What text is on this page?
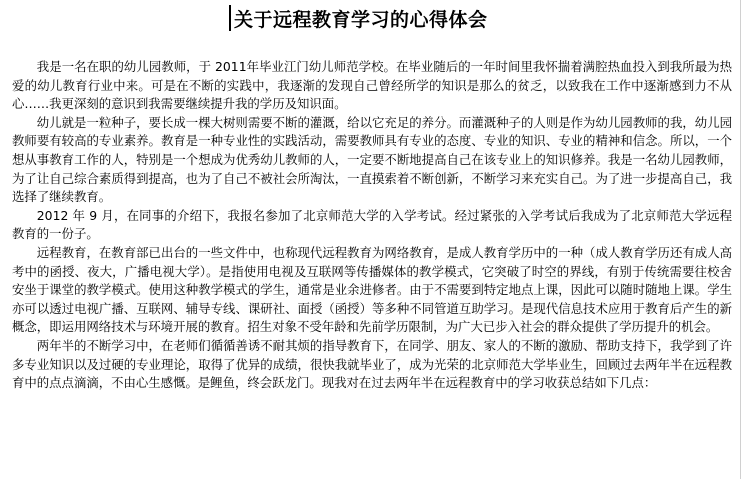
关于远程教育学习的心得体会

我是一名在职的幼儿园教师，于 2011年毕业江门幼儿师范学校。在毕业随后的一年时间里我怀揣着满腔热血投入到我所最为热爱的幼儿教育行业中来。可是在不断的实践中，我逐渐的发现自己曾经所学的知识是那么的贫乏，以致我在工作中逐渐感到力不从心……我更深刻的意识到我需要继续提升我的学历及知识面。

幼儿就是一粒种子，要长成一棵大树则需要不断的灌溉，给以它充足的养分。而灌溉种子的人则是作为幼儿园教师的我，幼儿园教师要有较高的专业素养。教育是一种专业性的实践活动，需要教师具有专业的态度、专业的知识、专业的精神和信念。所以，一个想从事教育工作的人，特别是一个想成为优秀幼儿教师的人，一定要不断地提高自己在该专业上的知识修养。我是一名幼儿园教师，为了让自己综合素质得到提高，也为了自己不被社会所淘汰，一直摸索着不断创新，不断学习来充实自己。为了进一步提高自己，我选择了继续教育。

2012 年 9 月，在同事的介绍下，我报名参加了北京师范大学的入学考试。经过紧张的入学考试后我成为了北京师范大学远程教育的一份子。

远程教育，在教育部已出台的一些文件中，也称现代远程教育为网络教育，是成人教育学历中的一种（成人教育学历还有成人高考中的函授、夜大，广播电视大学）。是指使用电视及互联网等传播媒体的教学模式，它突破了时空的界线，有别于传统需要往校舍安坐于课堂的教学模式。使用这种教学模式的学生，通常是业余进修者。由于不需要到特定地点上课，因此可以随时随地上课。学生亦可以透过电视广播、互联网、辅导专线、课研社、面授（函授）等多种不同管道互助学习。是现代信息技术应用于教育后产生的新概念，即运用网络技术与环境开展的教育。招生对象不受年龄和先前学历限制，为广大已步入社会的群众提供了学历提升的机会。

两年半的不断学习中，在老师们循循善诱不耐其烦的指导教育下，在同学、朋友、家人的不断的激励、帮助支持下，我学到了许多专业知识以及过硬的专业理论，取得了优异的成绩，很快我就毕业了，成为光荣的北京师范大学毕业生，回顾过去两年半在远程教育中的点点滴滴，不由心生感慨。是鲤鱼，终会跃龙门。现我对在过去两年半在远程教育中的学习收获总结如下几点：
